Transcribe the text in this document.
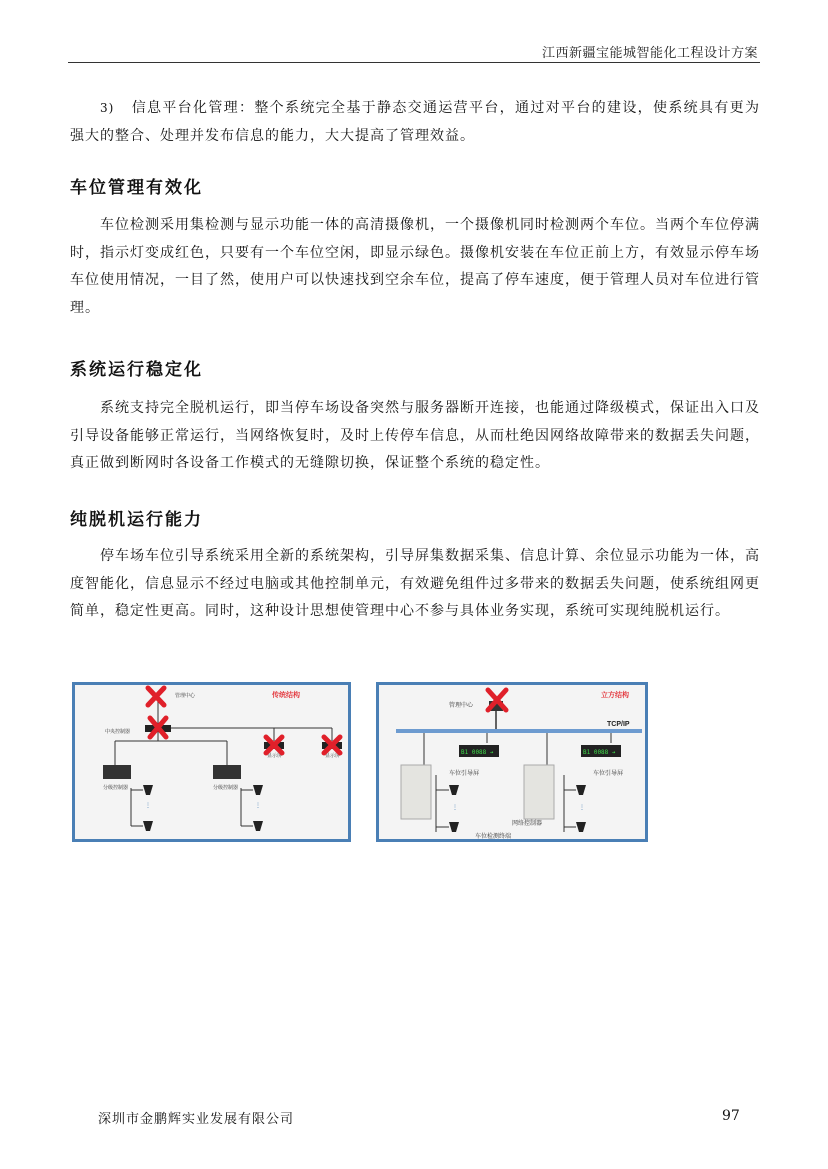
江西新疆宝能城智能化工程设计方案

3) 信息平台化管理：整个系统完全基于静态交通运营平台，通过对平台的建设，使系统具有更为强大的整合、处理并发布信息的能力，大大提高了管理效益。

车位管理有效化

车位检测采用集检测与显示功能一体的高清摄像机，一个摄像机同时检测两个车位。当两个车位停满时，指示灯变成红色，只要有一个车位空闲，即显示绿色。摄像机安装在车位正前上方，有效显示停车场车位使用情况，一目了然，使用户可以快速找到空余车位，提高了停车速度，便于管理人员对车位进行管理。

系统运行稳定化

系统支持完全脱机运行，即当停车场设备突然与服务器断开连接，也能通过降级模式，保证出入口及引导设备能够正常运行，当网络恢复时，及时上传停车信息，从而杜绝因网络故障带来的数据丢失问题，真正做到断网时各设备工作模式的无缝隙切换，保证整个系统的稳定性。

纯脱机运行能力

停车场车位引导系统采用全新的系统架构，引导屏集数据采集、信息计算、余位显示功能为一体，高度智能化，信息显示不经过电脑或其他控制单元，有效避免组件过多带来的数据丢失问题，使系统组网更简单，稳定性更高。同时，这种设计思想使管理中心不参与具体业务实现，系统可实现纯脱机运行。

传统结构
管理中心
中央控制器
分级控制器	分级控制器
⋮	⋮
显示屏	显示屏
立方结构
管理中心
TCP/IP
B1 0088 ➔
车位引导屏
B1 0088 ➔
车位引导屏
网络控制器
⋮	⋮
车位检测终端
深圳市金鹏辉实业发展有限公司	97
